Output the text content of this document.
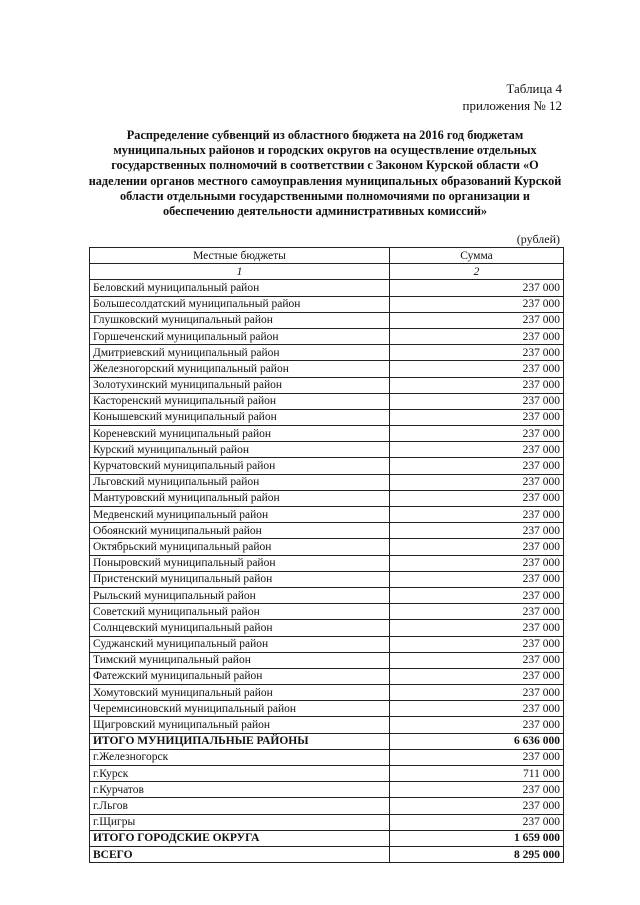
Таблица 4
приложения № 12
Распределение субвенций из областного бюджета на 2016 год бюджетам муниципальных районов и городских округов на осуществление отдельных государственных полномочий в соответствии с Законом Курской области «О наделении органов местного самоуправления муниципальных образований Курской области отдельными государственными полномочиями по организации и обеспечению деятельности административных комиссий»
(рублей)
Местные бюджеты	Сумма
1	2
Беловский муниципальный район	237 000
Большесолдатский муниципальный район	237 000
Глушковский муниципальный район	237 000
Горшеченский муниципальный район	237 000
Дмитриевский муниципальный район	237 000
Железногорский муниципальный район	237 000
Золотухинский муниципальный район	237 000
Касторенский муниципальный район	237 000
Конышевский муниципальный район	237 000
Кореневский муниципальный район	237 000
Курский муниципальный район	237 000
Курчатовский муниципальный район	237 000
Льговский муниципальный район	237 000
Мантуровский муниципальный район	237 000
Медвенский муниципальный район	237 000
Обоянский муниципальный район	237 000
Октябрьский муниципальный район	237 000
Поныровский муниципальный район	237 000
Пристенский муниципальный район	237 000
Рыльский муниципальный район	237 000
Советский муниципальный район	237 000
Солнцевский муниципальный район	237 000
Суджанский муниципальный район	237 000
Тимский муниципальный район	237 000
Фатежский муниципальный район	237 000
Хомутовский муниципальный район	237 000
Черемисиновский муниципальный район	237 000
Щигровский муниципальный район	237 000
ИТОГО МУНИЦИПАЛЬНЫЕ РАЙОНЫ	6 636 000
г.Железногорск	237 000
г.Курск	711 000
г.Курчатов	237 000
г.Льгов	237 000
г.Щигры	237 000
ИТОГО ГОРОДСКИЕ ОКРУГА	1 659 000
ВСЕГО	8 295 000
